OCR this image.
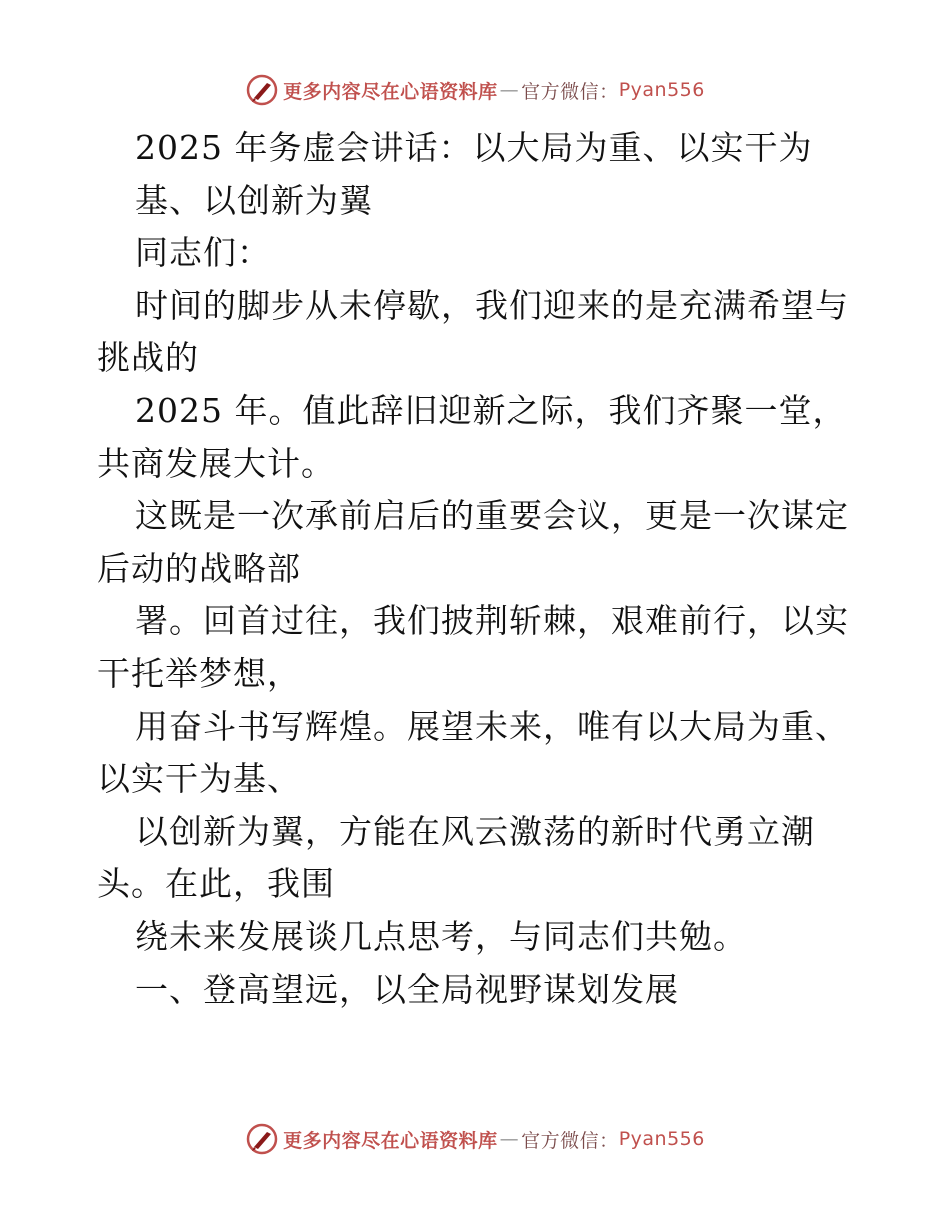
更多内容尽在心语资料库 — 官方微信： Pyan556
2025 年务虚会讲话：以大局为重、以实干为
基、以创新为翼
同志们：
时间的脚步从未停歇，我们迎来的是充满希望与
挑战的
2025 年。值此辞旧迎新之际，我们齐聚一堂，
共商发展大计。
这既是一次承前启后的重要会议，更是一次谋定
后动的战略部
署。回首过往，我们披荆斩棘，艰难前行，以实
干托举梦想，
用奋斗书写辉煌。展望未来，唯有以大局为重、
以实干为基、
以创新为翼，方能在风云激荡的新时代勇立潮
头。在此，我围
绕未来发展谈几点思考，与同志们共勉。
一、登高望远，以全局视野谋划发展
更多内容尽在心语资料库 — 官方微信： Pyan556
